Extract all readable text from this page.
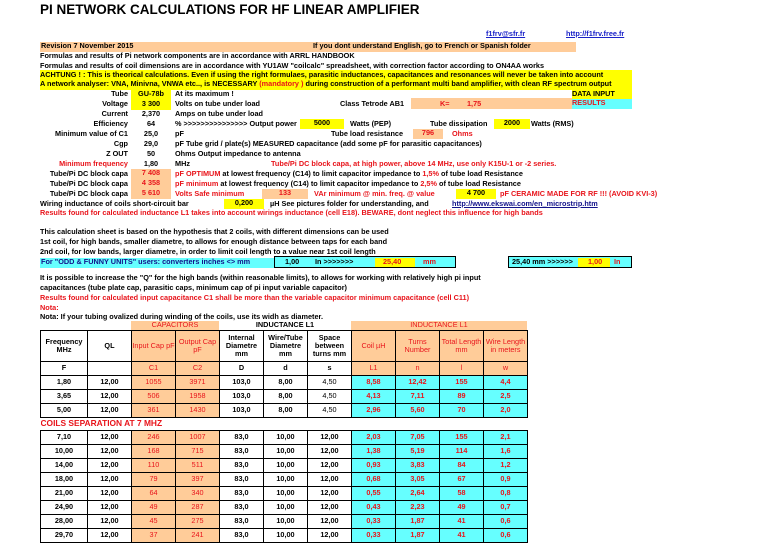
PI NETWORK CALCULATIONS FOR HF LINEAR AMPLIFIER
f1frv@sfr.fr	http://f1frv.free.fr
Revision 7 November 2015	If you dont understand English, go to French or Spanish folder
Formulas and results of Pi network components are in accordance with ARRL HANDBOOK
Formulas and results of coil dimensions are in accordance with YU1AW "coilcalc" spreadsheet, with correction factor according to ON4AA works
ACHTUNG ! : This is theorical calculations. Even if using the right formulaes, parasitic inductances, capacitances and resonances will never be taken into account
A network analyser: VNA, Minivna, VNWA etc.., is NECESSARY (mandatory ) during construction of a performant multi band amplifier, with clean RF spectrum output
DATA INPUT
RESULTS
Tube	GU-78b	At its maximum !
Voltage	3 300	Volts on tube under load	Class Tetrode AB1	K= 1,75
Current	2,370	Amps on tube under load
Efficiency	64	% >>>>>>>>>>>>>>> Output power	5000	Watts (PEP)	Tube dissipation	2000	Watts (RMS)
Minimum value of C1	25,0	pF	Tube load resistance	796	Ohms
Cgp	29,0	pF Tube grid / plate(s) MEASURED capacitance (add some pF for parasitic capacitances)
Z OUT	50	Ohms Output impedance to antenna
Minimum frequency	1,80	MHz	Tube/Pi DC block capa, at high power, above 14 MHz, use only K15U-1 or -2 series.
Tube/Pi DC block capa	7 408	pF OPTIMUM at lowest frequency (C14) to limit capacitor impedance to 1,5% of tube load Resistance
Tube/Pi DC block capa	4 358	pF minimum at lowest frequency (C14) to limit capacitor impedance to 2,5% of tube load Resistance
Tube/Pi DC block capa	5 610	Volts Safe minimum	133	VAr minimum @ min. freq. @ value	4 700	pF CERAMIC MADE FOR RF !!! (AVOID KVI-3)
Wiring inductance of coils short-circuit bar	0,200	µH See pictures folder for understanding, and	http://www.ekswai.com/en_microstrip.htm
Results found for calculated inductance L1 takes into account wirings inductance (cell E18). BEWARE, dont neglect this influence for high bands
This calculation sheet is based on the hypothesis that 2 coils, with different dimensions can be used
1st coil, for high bands, smaller diametre, to allows for enough distance between taps for each band
2nd coil, for low bands, larger diametre, in order to limit coil length to a value near 1st coil length
For "ODD & FUNNY UNITS" users: converters inches <> mm	1,00 In >>>>>>>	25,40	mm	25,40 mm >>>>>> 1,00 In
It is possible to increase the "Q" for the high bands (within reasonable limits), to allows for working with relatively high pi input
capacitances (tube plate cap, parasitic caps, minimum cap of pi input variable capacitor)
Results found for calculated input capacitance C1 shall be more than the variable capacitor minimum capacitance (cell C11)
Nota:
Nota: If your tubing ovalized during winding of the coils, use its widh as diameter.
CAPACITORS	INDUCTANCE L1	INDUCTANCE L1
Frequency MHz	QL	Input Cap pF	Output Cap pF	Internal Diametre mm	Wire/Tube Diametre mm	Space between turns mm	Coil µH	Turns Number	Total Length mm	Wire Length in meters
F		C1	C2	D	d	s	L1	n	l	w
1,80	12,00	1055	3971	103,0	8,00	4,50	8,58	12,42	155	4,4
3,65	12,00	506	1958	103,0	8,00	4,50	4,13	7,11	89	2,5
5,00	12,00	361	1430	103,0	8,00	4,50	2,96	5,60	70	2,0
COILS SEPARATION AT 7 MHZ										
7,10	12,00	246	1007	83,0	10,00	12,00	2,03	7,05	155	2,1
10,00	12,00	168	715	83,0	10,00	12,00	1,38	5,19	114	1,6
14,00	12,00	110	511	83,0	10,00	12,00	0,93	3,83	84	1,2
18,00	12,00	79	397	83,0	10,00	12,00	0,68	3,05	67	0,9
21,00	12,00	64	340	83,0	10,00	12,00	0,55	2,64	58	0,8
24,90	12,00	49	287	83,0	10,00	12,00	0,43	2,23	49	0,7
28,00	12,00	45	275	83,0	10,00	12,00	0,33	1,87	41	0,6
29,70	12,00	37	241	83,0	10,00	12,00	0,33	1,87	41	0,6
